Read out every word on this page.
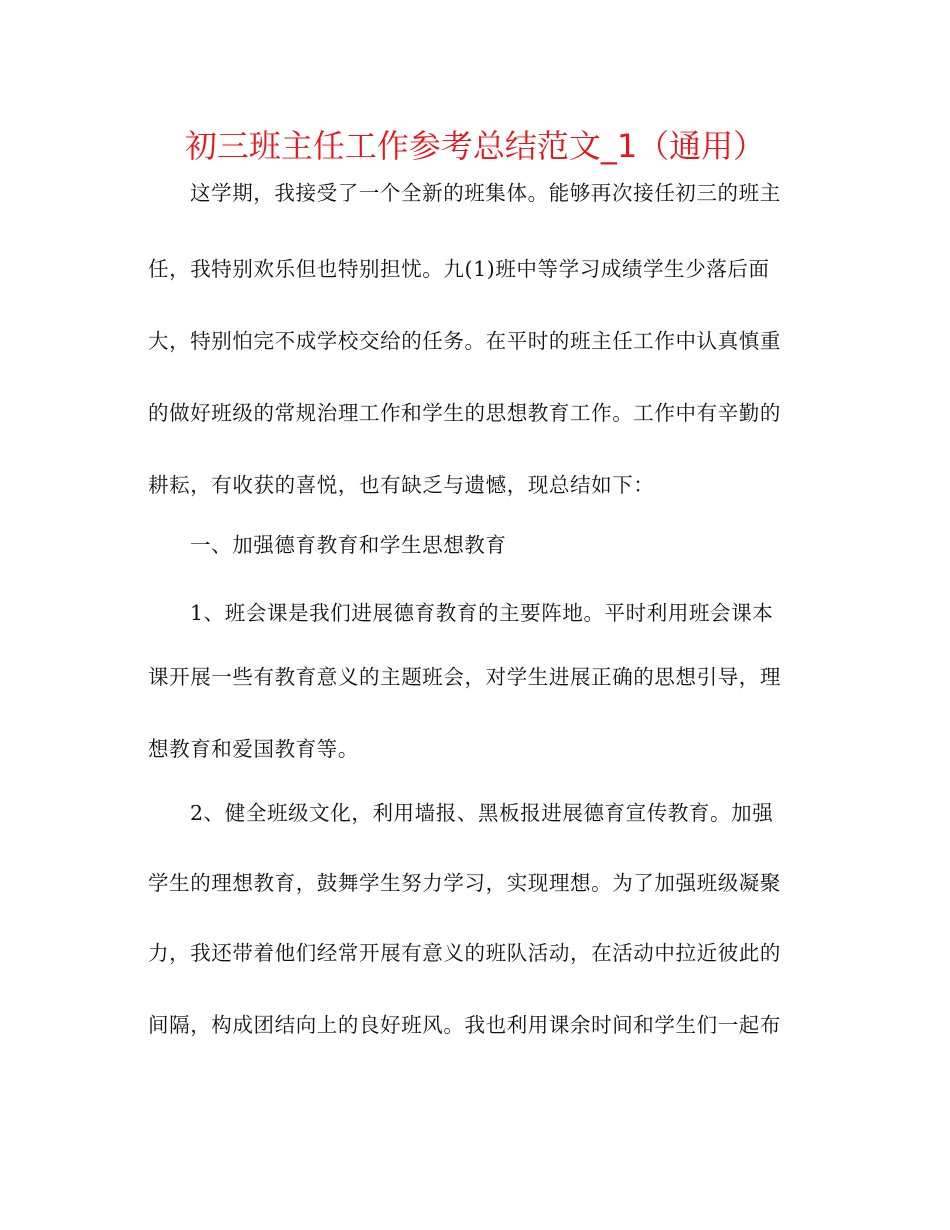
初三班主任工作参考总结范文_1（通用）
这学期，我接受了一个全新的班集体。能够再次接任初三的班主
任，我特别欢乐但也特别担忧。九(1)班中等学习成绩学生少落后面
大，特别怕完不成学校交给的任务。在平时的班主任工作中认真慎重
的做好班级的常规治理工作和学生的思想教育工作。工作中有辛勤的
耕耘，有收获的喜悦，也有缺乏与遗憾，现总结如下：
一、加强德育教育和学生思想教育
1、班会课是我们进展德育教育的主要阵地。平时利用班会课本
课开展一些有教育意义的主题班会，对学生进展正确的思想引导，理
想教育和爱国教育等。
2、健全班级文化，利用墙报、黑板报进展德育宣传教育。加强
学生的理想教育，鼓舞学生努力学习，实现理想。为了加强班级凝聚
力，我还带着他们经常开展有意义的班队活动，在活动中拉近彼此的
间隔，构成团结向上的良好班风。我也利用课余时间和学生们一起布
